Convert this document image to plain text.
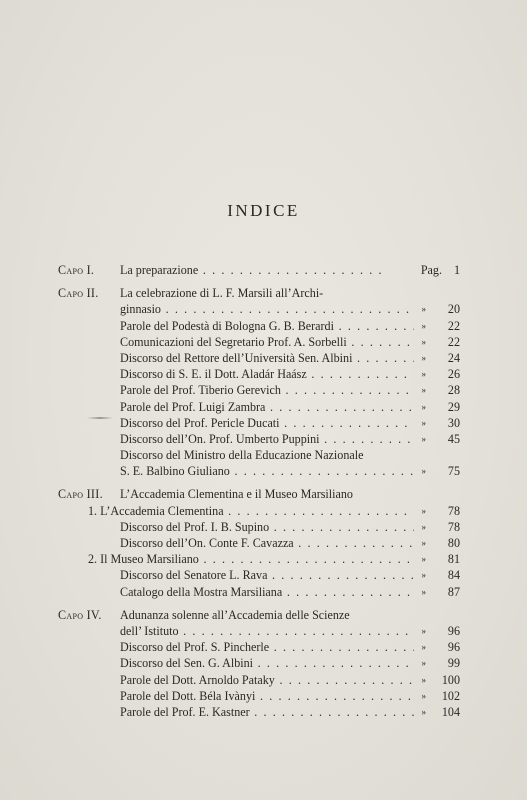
INDICE
Capo I. La preparazione . . .	Pag. 1
Capo II. La celebrazione di L. F. Marsili all’Archi-
ginnasio . . .	» 20
Parole del Podestà di Bologna G. B. Berardi . . .	» 22
Comunicazioni del Segretario Prof. A. Sorbelli . . .	» 22
Discorso del Rettore dell’Università Sen. Albini . . .	» 24
Discorso di S. E. il Dott. Aladár Haász . . .	» 26
Parole del Prof. Tiberio Gerevich . . .	» 28
Parole del Prof. Luigi Zambra . . .	» 29
Discorso del Prof. Pericle Ducati . . .	» 30
Discorso dell’On. Prof. Umberto Puppini . . .	» 45
Discorso del Ministro della Educazione Nazionale
S. E. Balbino Giuliano . . .	» 75
Capo III. L’Accademia Clementina e il Museo Marsiliano
1. L’Accademia Clementina . . .	» 78
Discorso del Prof. I. B. Supino . . .	» 78
Discorso dell’On. Conte F. Cavazza . . .	» 80
2. Il Museo Marsiliano . . .	» 81
Discorso del Senatore L. Rava . . .	» 84
Catalogo della Mostra Marsiliana . . .	» 87
Capo IV. Adunanza solenne all’Accademia delle Scienze
dell’ Istituto . . .	» 96
Discorso del Prof. S. Pincherle . . .	» 96
Discorso del Sen. G. Albini . . .	» 99
Parole del Dott. Arnoldo Pataky . . .	» 100
Parole del Dott. Béla Ivànyi . . .	» 102
Parole del Prof. E. Kastner . . .	» 104
